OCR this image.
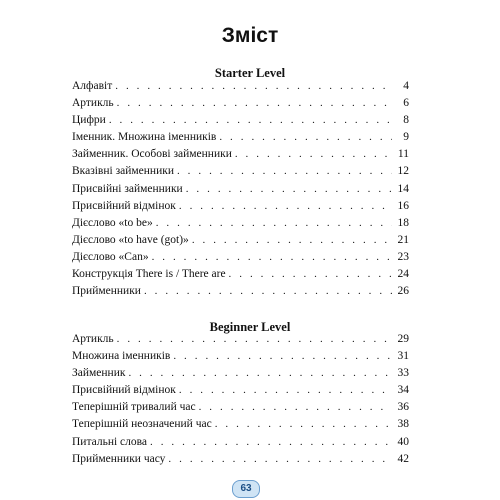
Зміст
Starter Level
Алфавіт . . .	4
Артикль . . .	6
Цифри . . .	8
Іменник. Множина іменників . . .	9
Займенник. Особові займенники . . .	11
Вказівні займенники . . .	12
Присвійні займенники . . .	14
Присвійний відмінок . . .	16
Дієслово «to be» . . .	18
Дієслово «to have (got)» . . .	21
Дієслово «Can» . . .	23
Конструкція There is / There are . . .	24
Прийменники . . .	26
Beginner Level
Артикль . . .	29
Множина іменників . . .	31
Займенник . . .	33
Присвійний відмінок . . .	34
Теперішній тривалий час . . .	36
Теперішній неозначений час . . .	38
Питальні слова . . .	40
Прийменники часу . . .	42
63
